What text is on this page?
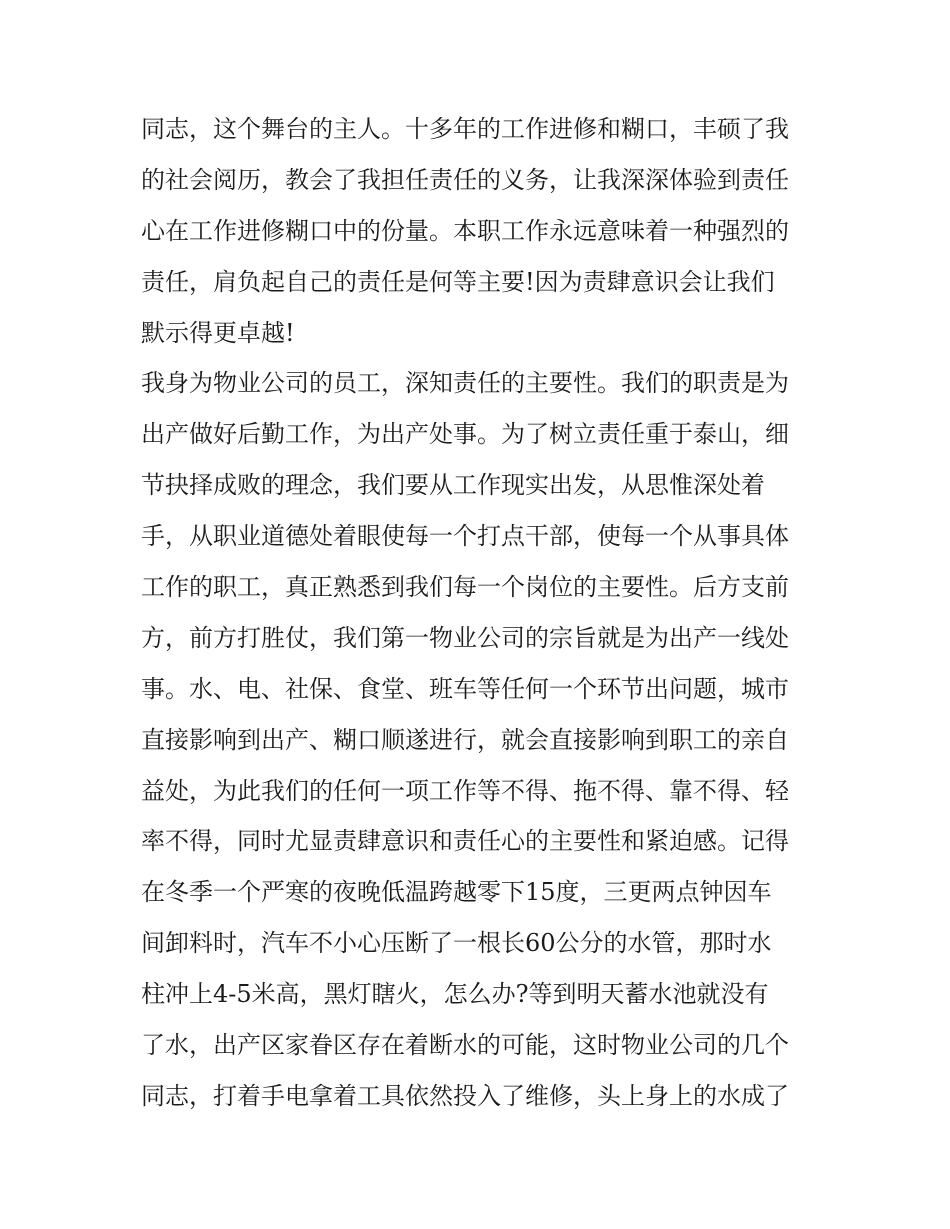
同志，这个舞台的主人。十多年的工作进修和糊口，丰硕了我
的社会阅历，教会了我担任责任的义务，让我深深体验到责任
心在工作进修糊口中的份量。本职工作永远意味着一种强烈的
责任，肩负起自己的责任是何等主要!因为责肆意识会让我们
默示得更卓越!
我身为物业公司的员工，深知责任的主要性。我们的职责是为
出产做好后勤工作，为出产处事。为了树立责任重于泰山，细
节抉择成败的理念，我们要从工作现实出发，从思惟深处着
手，从职业道德处着眼使每一个打点干部，使每一个从事具体
工作的职工，真正熟悉到我们每一个岗位的主要性。后方支前
方，前方打胜仗，我们第一物业公司的宗旨就是为出产一线处
事。水、电、社保、食堂、班车等任何一个环节出问题，城市
直接影响到出产、糊口顺遂进行，就会直接影响到职工的亲自
益处，为此我们的任何一项工作等不得、拖不得、靠不得、轻
率不得，同时尤显责肆意识和责任心的主要性和紧迫感。记得
在冬季一个严寒的夜晚低温跨越零下15度，三更两点钟因车
间卸料时，汽车不小心压断了一根长60公分的水管，那时水
柱冲上4-5米高，黑灯瞎火，怎么办?等到明天蓄水池就没有
了水，出产区家眷区存在着断水的可能，这时物业公司的几个
同志，打着手电拿着工具依然投入了维修，头上身上的水成了
